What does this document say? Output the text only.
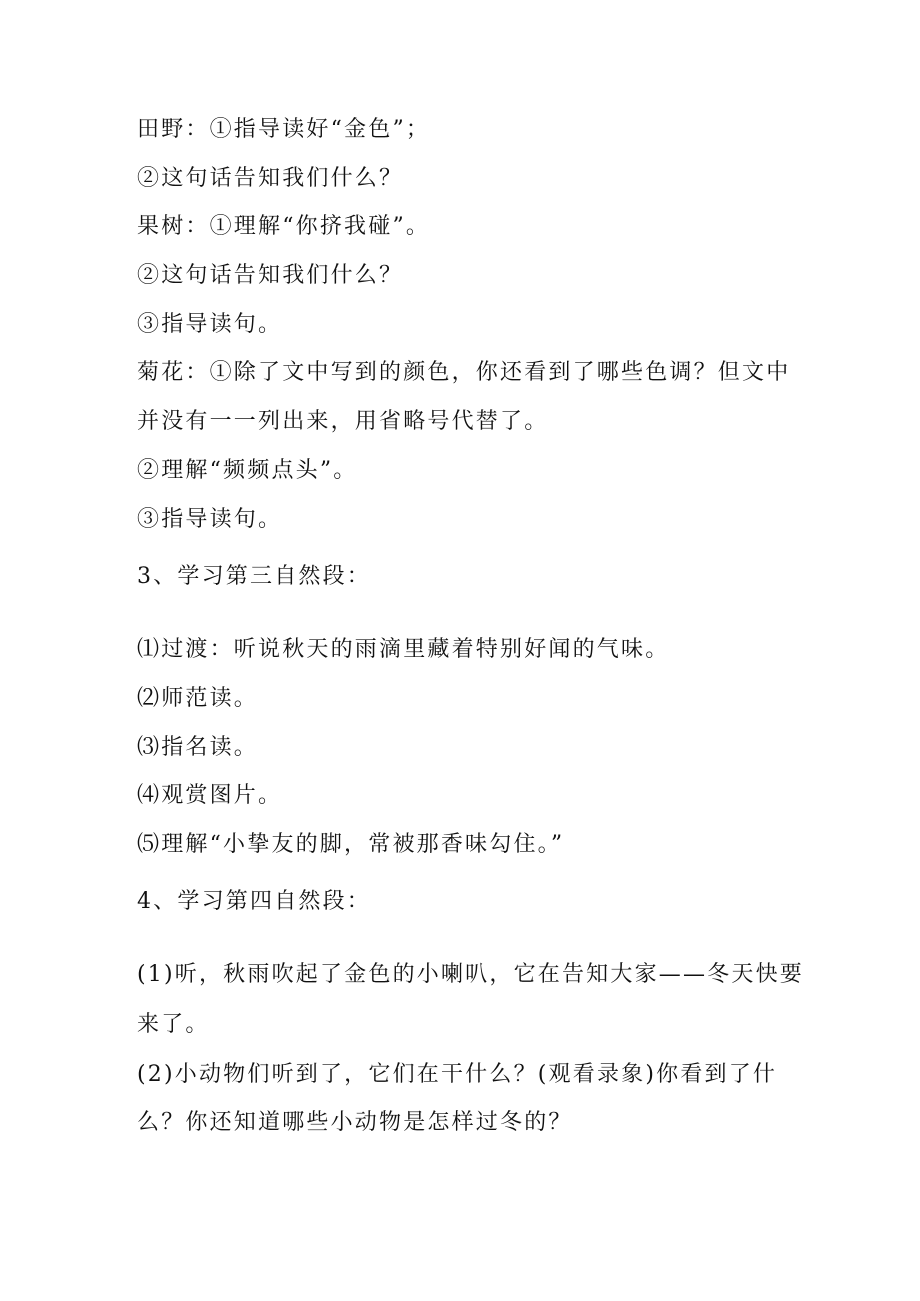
田野：①指导读好“金色”；
②这句话告知我们什么？
果树：①理解“你挤我碰”。
②这句话告知我们什么？
③指导读句。
菊花：①除了文中写到的颜色，你还看到了哪些色调？但文中
并没有一一列出来，用省略号代替了。
②理解“频频点头”。
③指导读句。
3、学习第三自然段：
⑴过渡：听说秋天的雨滴里藏着特别好闻的气味。
⑵师范读。
⑶指名读。
⑷观赏图片。
⑸理解“小挚友的脚，常被那香味勾住。”
4、学习第四自然段：
(1)听，秋雨吹起了金色的小喇叭，它在告知大家——冬天快要
来了。
(2)小动物们听到了，它们在干什么？(观看录象)你看到了什
么？你还知道哪些小动物是怎样过冬的？
